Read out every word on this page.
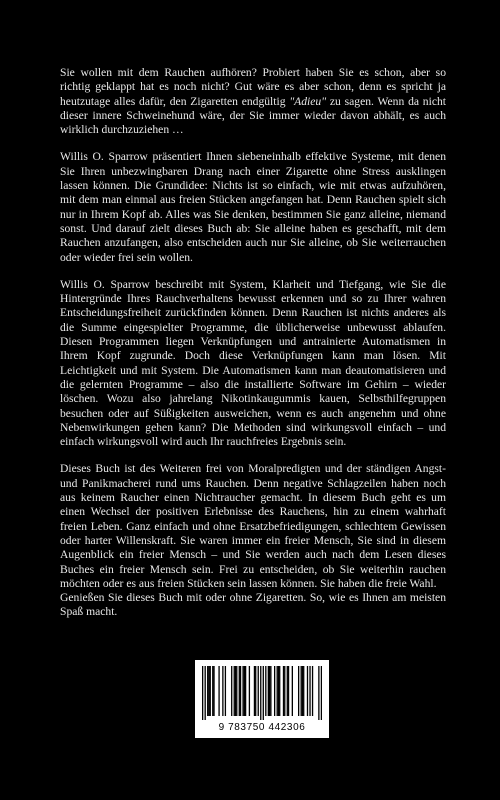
Sie wollen mit dem Rauchen aufhören? Probiert haben Sie es schon, aber so richtig geklappt hat es noch nicht? Gut wäre es aber schon, denn es spricht ja heutzutage alles dafür, den Zigaretten endgültig "Adieu" zu sagen. Wenn da nicht dieser innere Schweinehund wäre, der Sie immer wieder davon abhält, es auch wirklich durchzuziehen …

Willis O. Sparrow präsentiert Ihnen siebeneinhalb effektive Systeme, mit denen Sie Ihren unbezwingbaren Drang nach einer Zigarette ohne Stress ausklingen lassen können. Die Grundidee: Nichts ist so einfach, wie mit etwas aufzuhören, mit dem man einmal aus freien Stücken angefangen hat. Denn Rauchen spielt sich nur in Ihrem Kopf ab. Alles was Sie denken, bestimmen Sie ganz alleine, niemand sonst. Und darauf zielt dieses Buch ab: Sie alleine haben es geschafft, mit dem Rauchen anzufangen, also entscheiden auch nur Sie alleine, ob Sie weiterrauchen oder wieder frei sein wollen.

Willis O. Sparrow beschreibt mit System, Klarheit und Tiefgang, wie Sie die Hintergründe Ihres Rauchverhaltens bewusst erkennen und so zu Ihrer wahren Entscheidungsfreiheit zurückfinden können. Denn Rauchen ist nichts anderes als die Summe eingespielter Programme, die üblicherweise unbewusst ablaufen. Diesen Programmen liegen Verknüpfungen und antrainierte Automatismen in Ihrem Kopf zugrunde. Doch diese Verknüpfungen kann man lösen. Mit Leichtigkeit und mit System. Die Automatismen kann man deautomatisieren und die gelernten Programme – also die installierte Software im Gehirn – wieder löschen. Wozu also jahrelang Nikotinkaugummis kauen, Selbsthilfegruppen besuchen oder auf Süßigkeiten ausweichen, wenn es auch angenehm und ohne Nebenwirkungen gehen kann? Die Methoden sind wirkungsvoll einfach – und einfach wirkungsvoll wird auch Ihr rauchfreies Ergebnis sein.

Dieses Buch ist des Weiteren frei von Moralpredigten und der ständigen Angst- und Panikmacherei rund ums Rauchen. Denn negative Schlagzeilen haben noch aus keinem Raucher einen Nichtraucher gemacht. In diesem Buch geht es um einen Wechsel der positiven Erlebnisse des Rauchens, hin zu einem wahrhaft freien Leben. Ganz einfach und ohne Ersatzbefriedigungen, schlechtem Gewissen oder harter Willenskraft. Sie waren immer ein freier Mensch, Sie sind in diesem Augenblick ein freier Mensch – und Sie werden auch nach dem Lesen dieses Buches ein freier Mensch sein. Frei zu entscheiden, ob Sie weiterhin rauchen möchten oder es aus freien Stücken sein lassen können. Sie haben die freie Wahl.

Genießen Sie dieses Buch mit oder ohne Zigaretten. So, wie es Ihnen am meisten Spaß macht.

9 783750 442306
